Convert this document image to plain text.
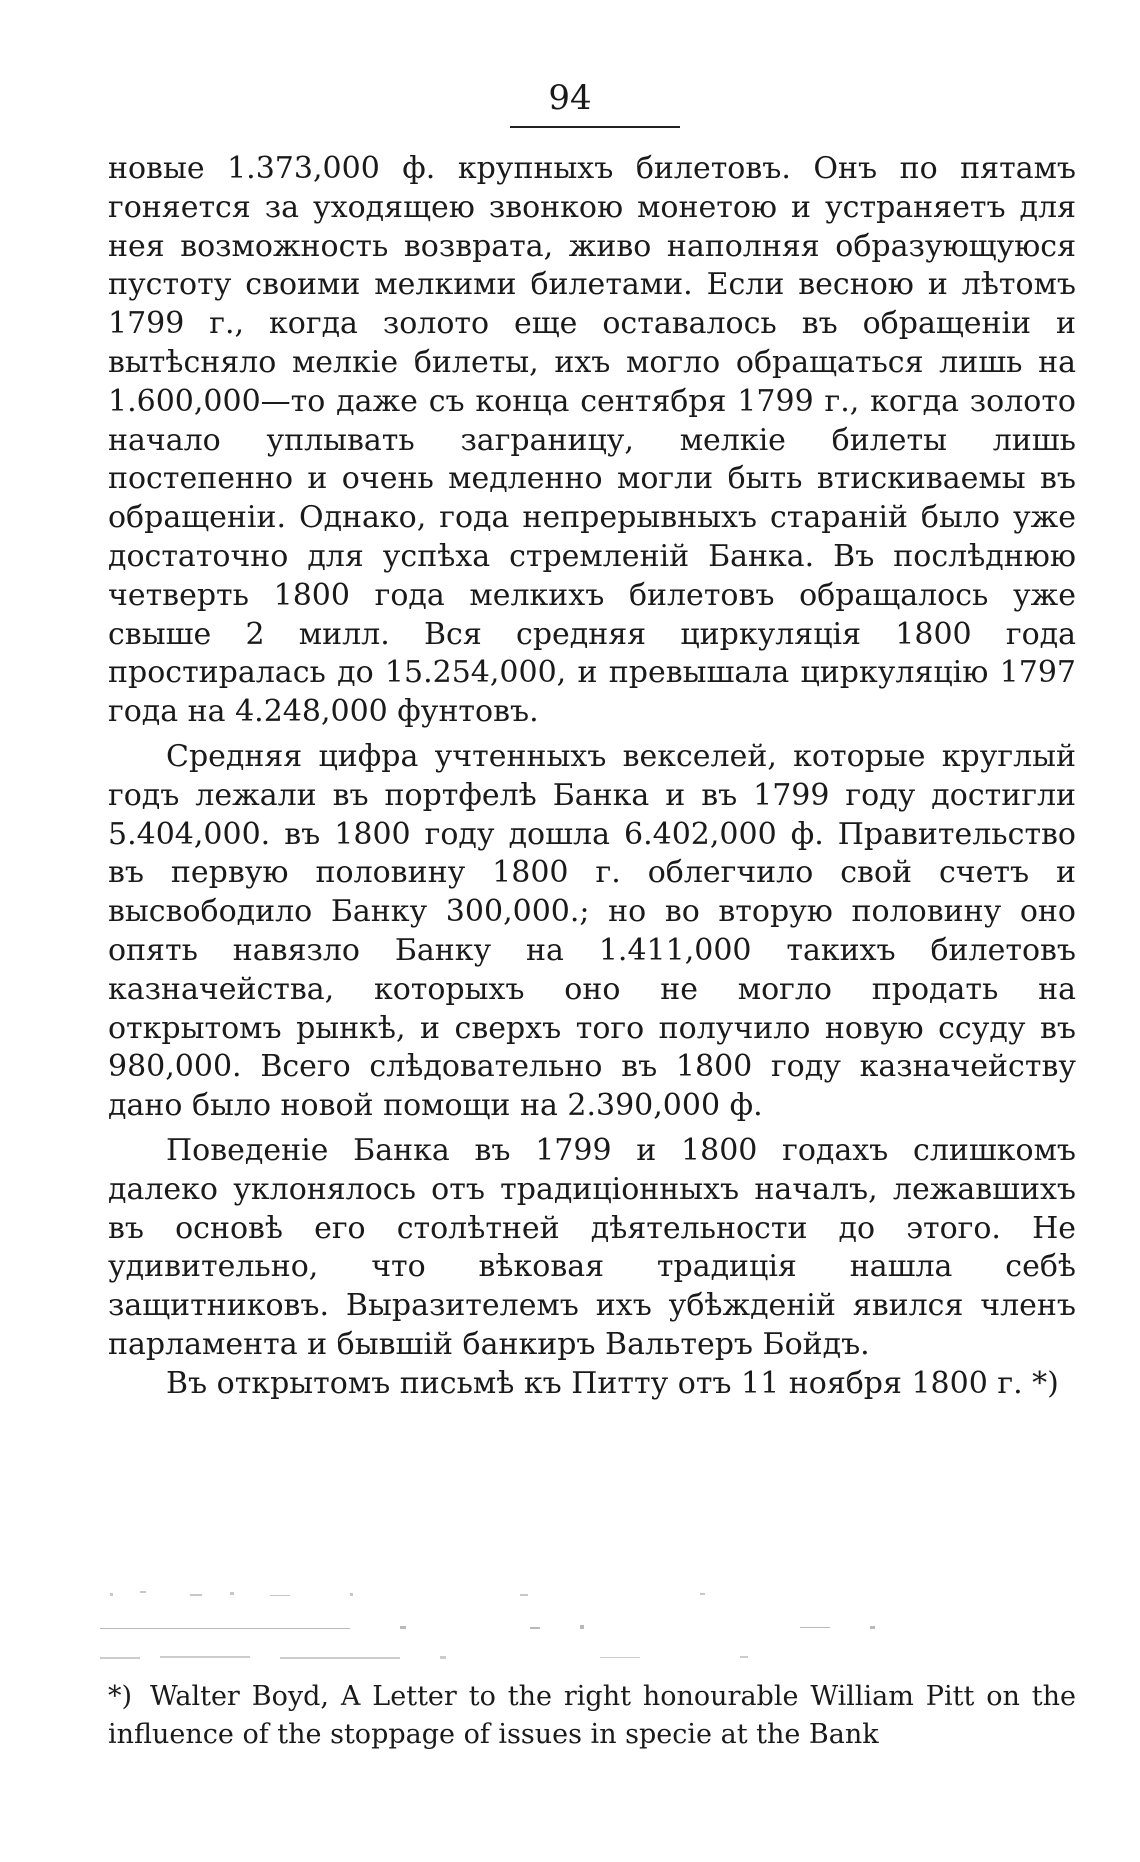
94

новые 1.373,000 ф. крупныхъ билетовъ. Онъ по пятамъ гоняется за уходящею звонкою монетою и устраняетъ для нея возможность возврата, живо наполняя образующуюся пустоту своими мелкими билетами. Если весною и лѣтомъ 1799 г., когда золото еще оставалось въ обращеніи и вытѣсняло мелкіе билеты, ихъ могло обращаться лишь на 1.600,000—то даже съ конца сентября 1799 г., когда золото начало уплывать заграницу, мелкіе билеты лишь постепенно и очень медленно могли быть втискиваемы въ обращеніи. Однако, года непрерывныхъ стараній было уже достаточно для успѣха стремленій Банка. Въ послѣднюю четверть 1800 года мелкихъ билетовъ обращалось уже свыше 2 милл. Вся средняя циркуляція 1800 года простиралась до 15.254,000, и превышала циркуляцію 1797 года на 4.248,000 фунтовъ.

Средняя цифра учтенныхъ векселей, которые круглый годъ лежали въ портфелѣ Банка и въ 1799 году достигли 5.404,000. въ 1800 году дошла 6.402,000 ф. Правительство въ первую половину 1800 г. облегчило свой счетъ и высвободило Банку 300,000.; но во вторую половину оно опять навязло Банку на 1.411,000 такихъ билетовъ казначейства, которыхъ оно не могло продать на открытомъ рынкѣ, и сверхъ того получило новую ссуду въ 980,000. Всего слѣдовательно въ 1800 году казначейству дано было новой помощи на 2.390,000 ф.

Поведеніе Банка въ 1799 и 1800 годахъ слишкомъ далеко уклонялось отъ традиціонныхъ началъ, лежавшихъ въ основѣ его столѣтней дѣятельности до этого. Не удивительно, что вѣковая традиція нашла себѣ защитниковъ. Выразителемъ ихъ убѣжденій явился членъ парламента и бывшій банкиръ Вальтеръ Бойдъ.

Въ открытомъ письмѣ къ Питту отъ 11 ноября 1800 г. *)

*) Walter Boyd, A Letter to the right honourable William Pitt on the influence of the stoppage of issues in specie at the Bank
